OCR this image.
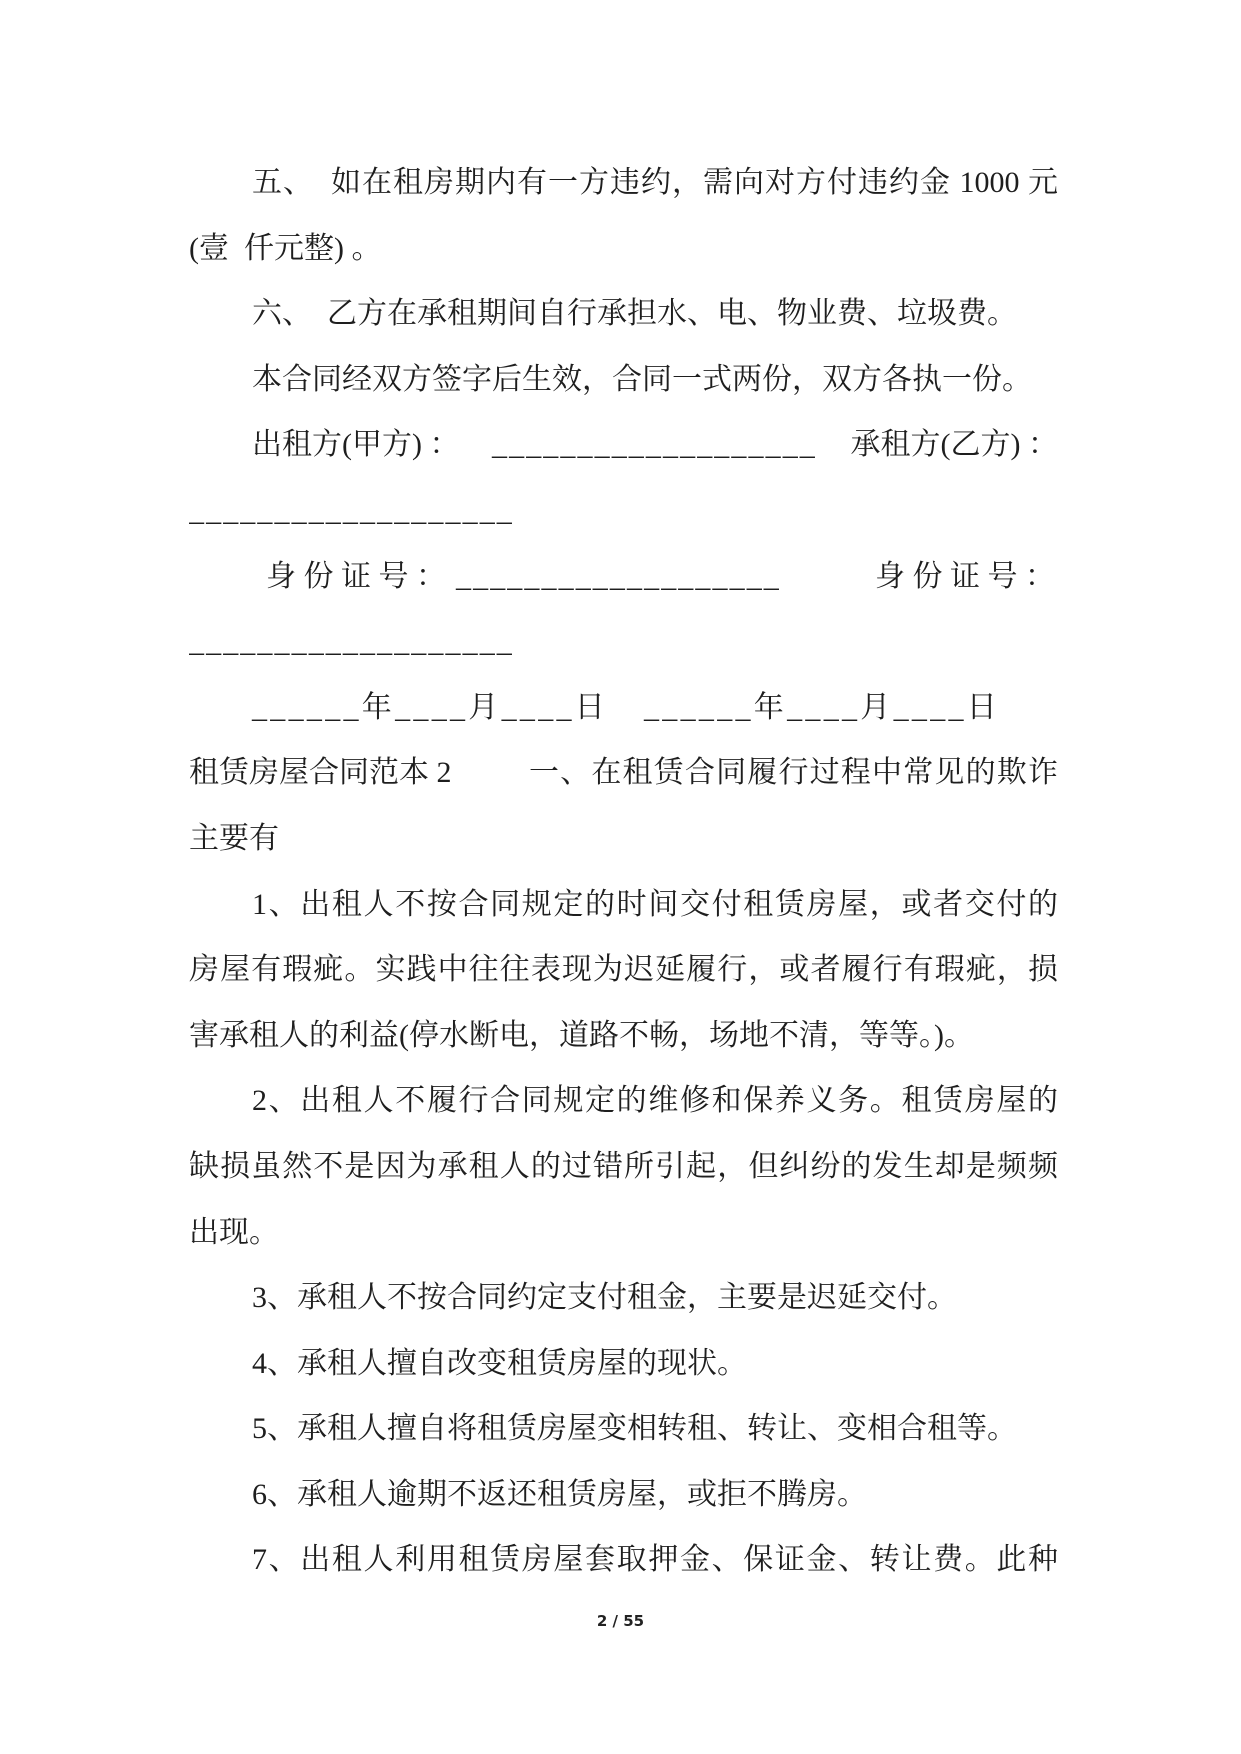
五、  如在租房期内有一方违约，需向对方付违约金 1000 元
(壹  仟元整) 。
六、  乙方在承租期间自行承担水、电、物业费、垃圾费。
本合同经双方签字后生效，合同一式两份，双方各执一份。
出租方(甲方) ： ___________________ 承租方(乙方) ：
___________________
身 份 证 号 ： ___________________	身 份 证 号 ：
___________________
______年____月____日 ______年____月____日
租赁房屋合同范本 2	一、在租赁合同履行过程中常见的欺诈
主要有
1、出租人不按合同规定的时间交付租赁房屋，或者交付的
房屋有瑕疵。实践中往往表现为迟延履行，或者履行有瑕疵，损
害承租人的利益(停水断电，道路不畅，场地不清，等等。)。
2、出租人不履行合同规定的维修和保养义务。租赁房屋的
缺损虽然不是因为承租人的过错所引起，但纠纷的发生却是频频
出现。
3、承租人不按合同约定支付租金，主要是迟延交付。
4、承租人擅自改变租赁房屋的现状。
5、承租人擅自将租赁房屋变相转租、转让、变相合租等。
6、承租人逾期不返还租赁房屋，或拒不腾房。
7、出租人利用租赁房屋套取押金、保证金、转让费。此种
2 / 55
